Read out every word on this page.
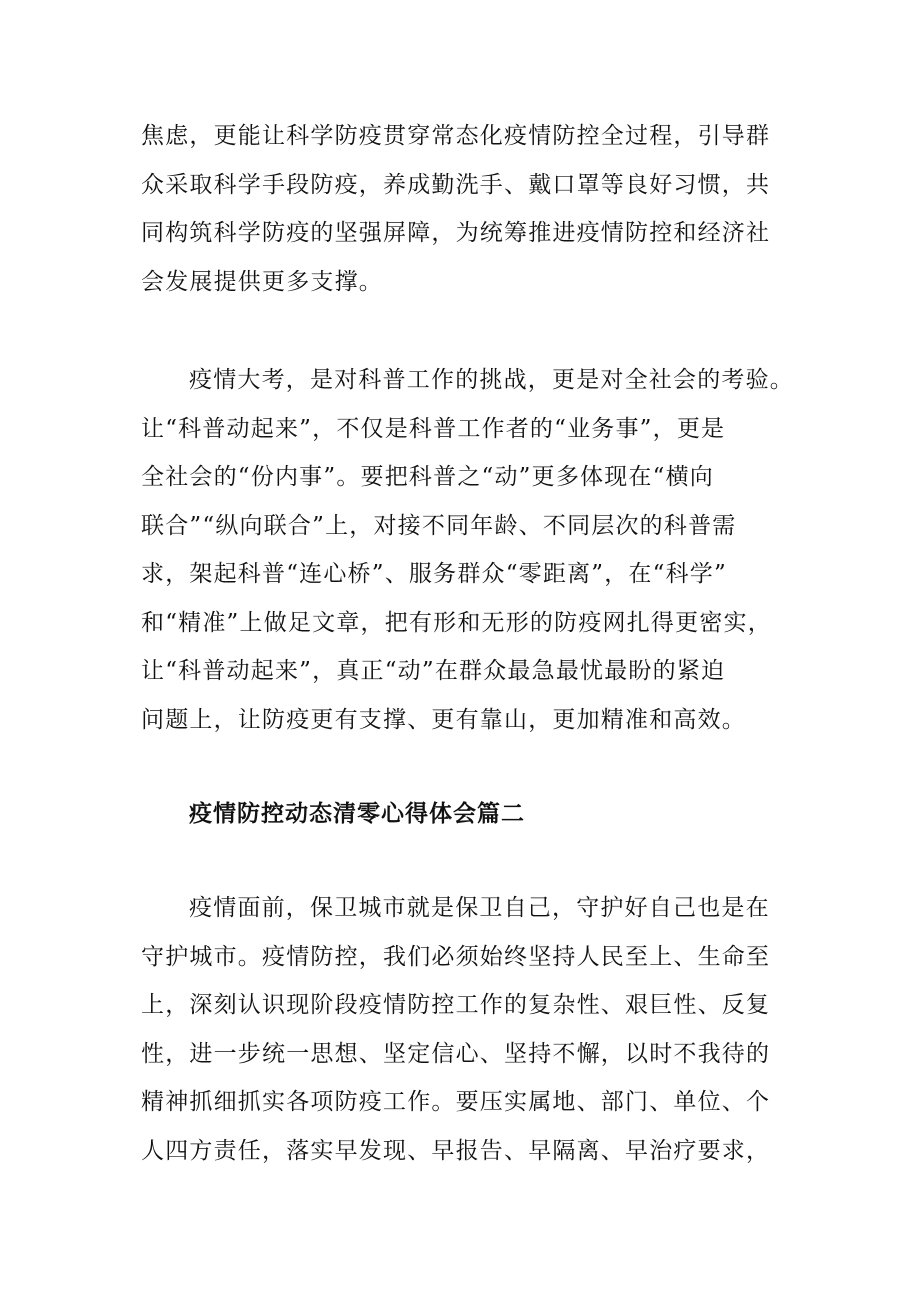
焦虑，更能让科学防疫贯穿常态化疫情防控全过程，引导群
众采取科学手段防疫，养成勤洗手、戴口罩等良好习惯，共
同构筑科学防疫的坚强屏障，为统筹推进疫情防控和经济社
会发展提供更多支撑。
疫情大考，是对科普工作的挑战，更是对全社会的考验。
让“科普动起来”，不仅是科普工作者的“业务事”，更是
全社会的“份内事”。要把科普之“动”更多体现在“横向
联合”“纵向联合”上，对接不同年龄、不同层次的科普需
求，架起科普“连心桥”、服务群众“零距离”，在“科学”
和“精准”上做足文章，把有形和无形的防疫网扎得更密实，
让“科普动起来”，真正“动”在群众最急最忧最盼的紧迫
问题上，让防疫更有支撑、更有靠山，更加精准和高效。
疫情防控动态清零心得体会篇二
疫情面前，保卫城市就是保卫自己，守护好自己也是在
守护城市。疫情防控，我们必须始终坚持人民至上、生命至
上，深刻认识现阶段疫情防控工作的复杂性、艰巨性、反复
性，进一步统一思想、坚定信心、坚持不懈，以时不我待的
精神抓细抓实各项防疫工作。要压实属地、部门、单位、个
人四方责任，落实早发现、早报告、早隔离、早治疗要求，
